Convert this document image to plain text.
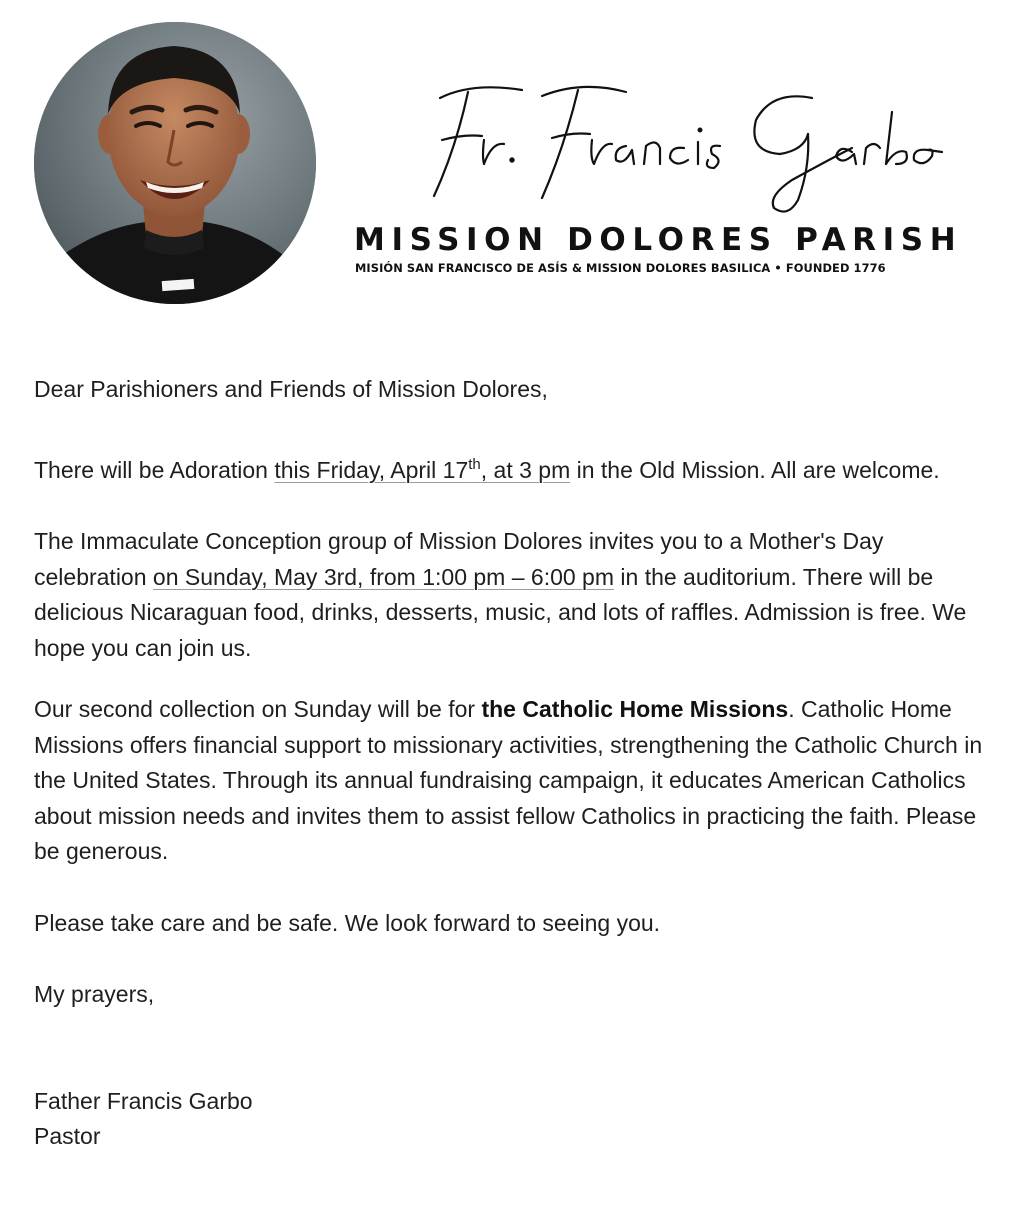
MISSION DOLORES PARISH
MISIÓN SAN FRANCISCO DE ASÍS & MISSION DOLORES BASILICA • FOUNDED 1776

Dear Parishioners and Friends of Mission Dolores,

There will be Adoration this Friday, April 17th, at 3 pm in the Old Mission. All are welcome.

The Immaculate Conception group of Mission Dolores invites you to a Mother's Day celebration on Sunday, May 3rd, from 1:00 pm – 6:00 pm in the auditorium. There will be delicious Nicaraguan food, drinks, desserts, music, and lots of raffles. Admission is free. We hope you can join us.

Our second collection on Sunday will be for the Catholic Home Missions. Catholic Home Missions offers financial support to missionary activities, strengthening the Catholic Church in the United States. Through its annual fundraising campaign, it educates American Catholics about mission needs and invites them to assist fellow Catholics in practicing the faith. Please be generous.

Please take care and be safe. We look forward to seeing you.

My prayers,

Father Francis Garbo

Pastor
